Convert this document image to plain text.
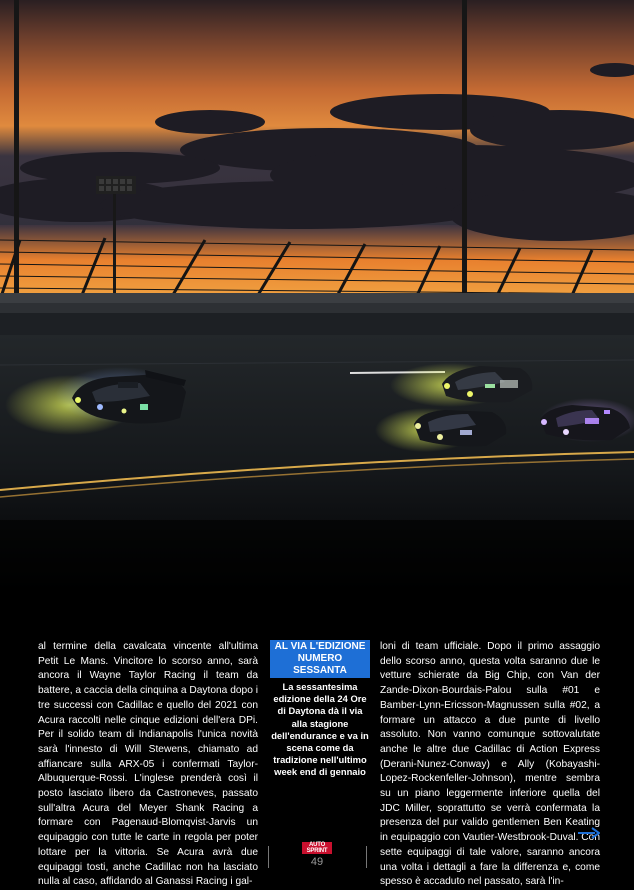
al termine della cavalcata vincente all'ultima Petit Le Mans. Vincitore lo scorso anno, sarà ancora il Wayne Taylor Racing il team da battere, a caccia della cinquina a Daytona dopo i tre successi con Cadillac e quello del 2021 con Acura raccolti nelle cinque edizioni dell'era DPi. Per il solido team di Indianapolis l'unica novità sarà l'innesto di Will Stewens, chiamato ad affiancare sulla ARX-05 i confermati Taylor-Albuquerque-Rossi. L'inglese prenderà così il posto lasciato libero da Castroneves, passato sull'altra Acura del Meyer Shank Racing a formare con Pagenaud-Blomqvist-Jarvis un equipaggio con tutte le carte in regola per poter lottare per la vittoria. Se Acura avrà due equipaggi tosti, anche Cadillac non ha lasciato nulla al caso, affidando al Ganassi Racing i gal-
AL VIA L'EDIZIONE
NUMERO SESSANTA
La sessantesima edizione della 24 Ore di Daytona dà il via alla stagione dell'endurance e va in scena come da tradizione nell'ultimo week end di gennaio
loni di team ufficiale. Dopo il primo assaggio dello scorso anno, questa volta saranno due le vetture schierate da Big Chip, con Van der Zande-Dixon-Bourdais-Palou sulla #01 e Bamber-Lynn-Ericsson-Magnussen sulla #02, a formare un attacco a due punte di livello assoluto. Non vanno comunque sottovalutate anche le altre due Cadillac di Action Express (Derani-Nunez-Conway) e Ally (Kobayashi-Lopez-Rockenfeller-Johnson), mentre sembra su un piano leggermente inferiore quella del JDC Miller, soprattutto se verrà confermata la presenza del pur valido gentlemen Ben Keating in equipaggio con Vautier-Westbrook-Duval. Con sette equipaggi di tale valore, saranno ancora una volta i dettagli a fare la differenza e, come spesso è accaduto nel passato, sarà l'in-
AUTO
SPRINT
49
